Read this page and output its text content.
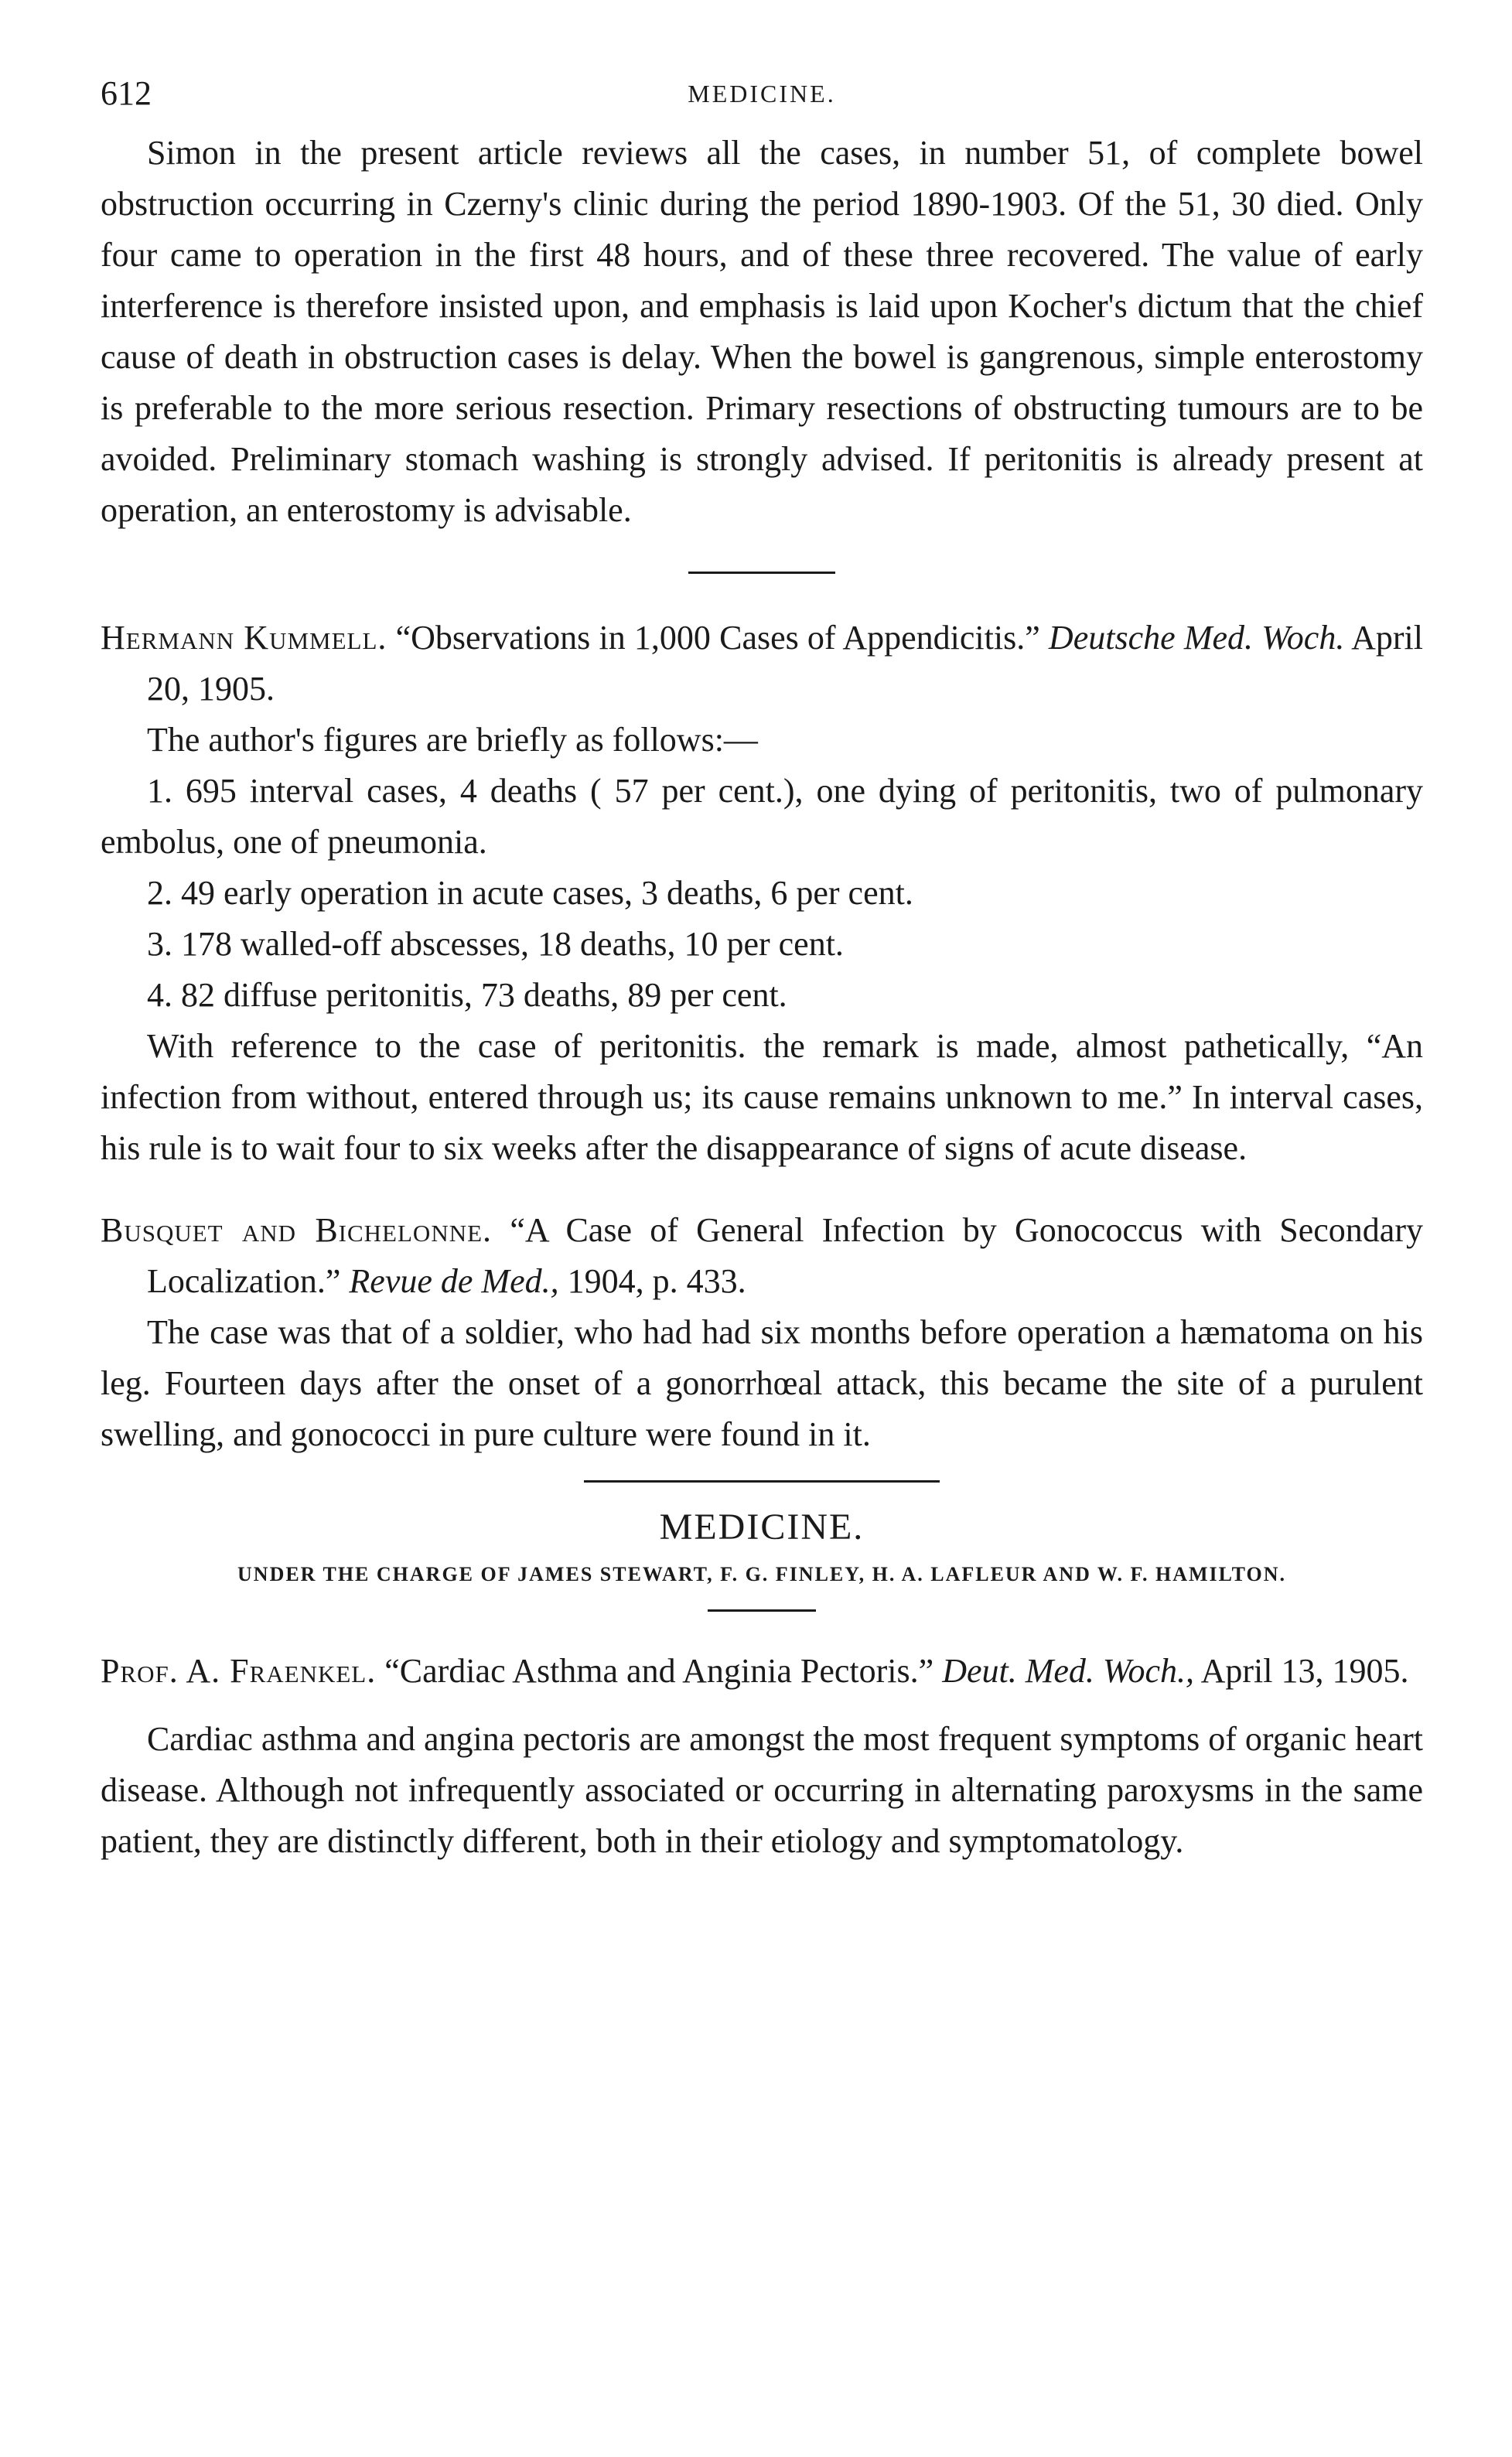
612	MEDICINE.

Simon in the present article reviews all the cases, in number 51, of complete bowel obstruction occurring in Czerny's clinic during the period 1890-1903. Of the 51, 30 died. Only four came to operation in the first 48 hours, and of these three recovered. The value of early interference is therefore insisted upon, and emphasis is laid upon Kocher's dictum that the chief cause of death in obstruction cases is delay. When the bowel is gangrenous, simple enterostomy is preferable to the more serious resection. Primary resections of obstructing tumours are to be avoided. Preliminary stomach washing is strongly advised. If peritonitis is already present at operation, an enterostomy is advisable.

Hermann Kummell. “Observations in 1,000 Cases of Appendicitis.” Deutsche Med. Woch. April 20, 1905.

The author's figures are briefly as follows:—

1. 695 interval cases, 4 deaths ( 57 per cent.), one dying of peritonitis, two of pulmonary embolus, one of pneumonia.

2. 49 early operation in acute cases, 3 deaths, 6 per cent.

3. 178 walled-off abscesses, 18 deaths, 10 per cent.

4. 82 diffuse peritonitis, 73 deaths, 89 per cent.

With reference to the case of peritonitis. the remark is made, almost pathetically, “An infection from without, entered through us; its cause remains unknown to me.” In interval cases, his rule is to wait four to six weeks after the disappearance of signs of acute disease.

Busquet and Bichelonne. “A Case of General Infection by Gonococcus with Secondary Localization.” Revue de Med., 1904, p. 433.

The case was that of a soldier, who had had six months before operation a hæmatoma on his leg. Fourteen days after the onset of a gonorrhœal attack, this became the site of a purulent swelling, and gonococci in pure culture were found in it.

MEDICINE.
UNDER THE CHARGE OF JAMES STEWART, F. G. FINLEY, H. A. LAFLEUR AND W. F. HAMILTON.

Prof. A. Fraenkel. “Cardiac Asthma and Anginia Pectoris.” Deut. Med. Woch., April 13, 1905.

Cardiac asthma and angina pectoris are amongst the most frequent symptoms of organic heart disease. Although not infrequently associated or occurring in alternating paroxysms in the same patient, they are distinctly different, both in their etiology and symptomatology.
